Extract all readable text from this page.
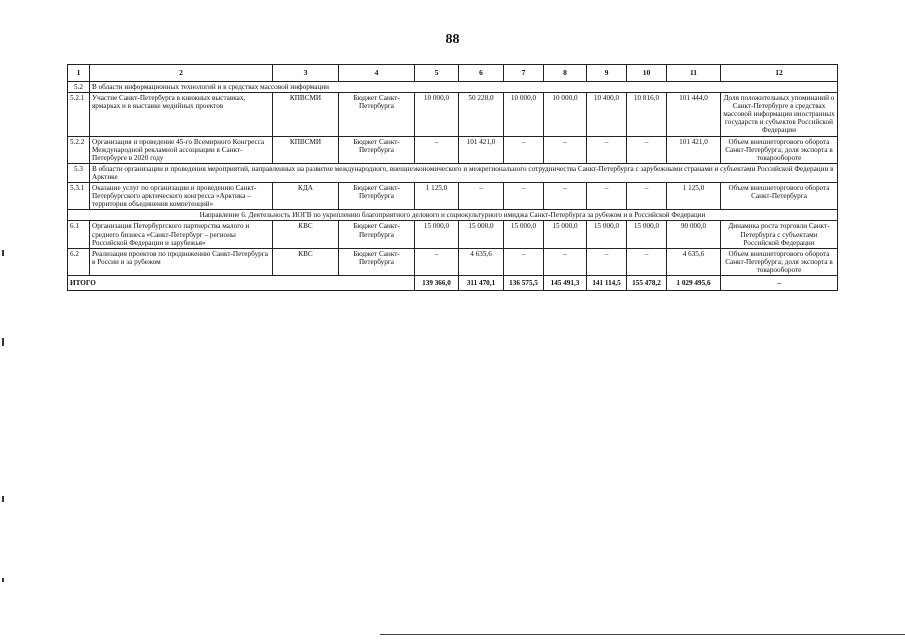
88
1	2	3	4	5	6	7	8	9	10	11	12
5.2	В области информационных технологий и в средствах массовой информации										
5.2.1	Участие Санкт-Петербурга в книжных выставках, ярмарках и в выставке медийных проектов	КПВСМИ	Бюджет Санкт-Петербурга	10 000,0	50 228,0	10 000,0	10 000,0	10 400,0	10 816,0	101 444,0	Доля положительных упоминаний о Санкт-Петербурге в средствах массовой информации иностранных государств и субъектов Российской Федерации
5.2.2	Организация и проведение 45-го Всемирного Конгресса Международной рекламной ассоциации в Санкт-Петербурге в 2020 году	КПВСМИ	Бюджет Санкт-Петербурга	–	101 421,0	–	–	–	–	101 421,0	Объем внешнеторгового оборота Санкт-Петербурга; доля экспорта в товарообороте
5.3	В области организации и проведения мероприятий, направленных на развитие международного, внешнеэкономического и межрегионального сотрудничества Санкт-Петербурга с зарубежными странами и субъектами Российской Федерации в Арктике										
5.3.1	Оказание услуг по организации и проведению Санкт-Петербургского арктического конгресса «Арктика – территория объединения компетенций»	КДА	Бюджет Санкт-Петербурга	1 125,0	–	–	–	–	–	1 125,0	Объем внешнеторгового оборота Санкт-Петербурга
Направление 6. Деятельность ИОГВ по укреплению благоприятного делового и социокультурного имиджа Санкт-Петербурга за рубежом и в Российской Федерации											
6.1	Организация Петербургского партнерства малого и среднего бизнеса «Санкт-Петербург – регионы Российской Федерации и зарубежья»	КВС	Бюджет Санкт-Петербурга	15 000,0	15 000,0	15 000,0	15 000,0	15 000,0	15 000,0	90 000,0	Динамика роста торговли Санкт-Петербурга с субъектами Российской Федерации
6.2	Реализация проектов по продвижению Санкт-Петербурга в России и за рубежом	КВС	Бюджет Санкт-Петербурга	–	4 635,6	–	–	–	–	4 635,6	Объем внешнеторгового оборота Санкт-Петербурга; доля экспорта в товарообороте
ИТОГО				139 366,0	311 470,1	136 575,5	145 491,3	141 114,5	155 478,2	1 029 495,6	–
